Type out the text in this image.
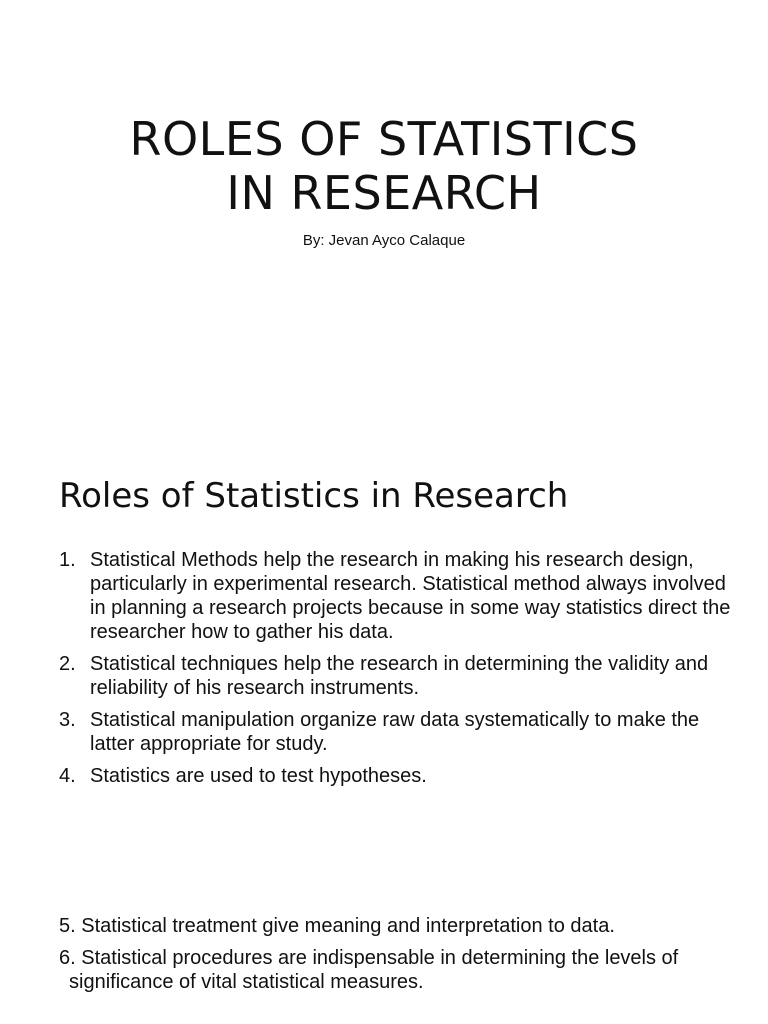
ROLES OF STATISTICS
IN RESEARCH
By: Jevan Ayco Calaque
Roles of Statistics in Research
1. Statistical Methods help the research in making his research design, particularly in experimental research. Statistical method always involved in planning a research projects because in some way statistics direct the researcher how to gather his data.
2. Statistical techniques help the research in determining the validity and reliability of his research instruments.
3. Statistical manipulation organize raw data systematically to make the latter appropriate for study.
4. Statistics are used to test hypotheses.
5. Statistical treatment give meaning and interpretation to data.
6. Statistical procedures are indispensable in determining the levels of significance of vital statistical measures.
